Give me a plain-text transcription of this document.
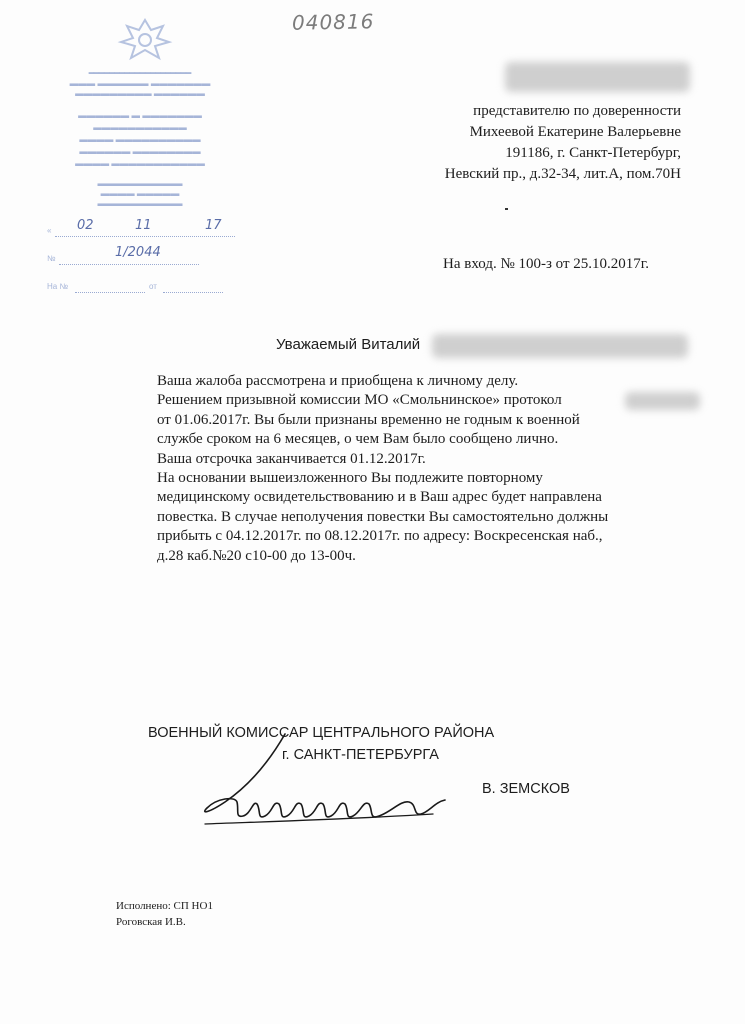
040816
━━━━━━━━━━━━━━━━━━━━
▬▬▬ ▬▬▬▬▬▬ ▬▬▬▬▬▬▬
▬▬▬▬▬▬▬▬▬ ▬▬▬▬▬▬
▬▬▬▬▬▬ ▬ ▬▬▬▬▬▬▬
▬▬▬▬▬▬▬▬▬▬▬
▬▬▬▬ ▬▬▬▬▬▬▬▬▬▬
▬▬▬▬▬▬ ▬▬▬▬▬▬▬▬
▬▬▬▬ ▬▬▬▬▬▬▬▬▬▬▬
▬▬▬▬▬▬▬▬▬▬
▬▬▬▬ ▬▬▬▬▬
▬▬▬▬▬▬▬▬▬▬
« 02	11	17
№	1/2044
На №	от
представителю по доверенности
Михеевой Екатерине Валерьевне
191186, г. Санкт-Петербург,
Невский пр., д.32-34, лит.А, пом.70Н
На вход. № 100-з от 25.10.2017г.
Уважаемый Виталий
Ваша жалоба рассмотрена и приобщена к личному делу.
Решением призывной комиссии МО «Смольнинское» протокол
от 01.06.2017г. Вы были признаны временно не годным к военной
службе сроком на 6 месяцев, о чем Вам было сообщено лично.
Ваша отсрочка заканчивается 01.12.2017г.
На основании вышеизложенного Вы подлежите повторному
медицинскому освидетельствованию и в Ваш адрес будет направлена
повестка. В случае неполучения повестки Вы самостоятельно должны
прибыть с 04.12.2017г. по 08.12.2017г. по адресу: Воскресенская наб.,
д.28 каб.№20 с10-00 до 13-00ч.
ВОЕННЫЙ КОМИССАР ЦЕНТРАЛЬНОГО РАЙОНА
г. САНКТ-ПЕТЕРБУРГА
В. ЗЕМСКОВ
Исполнено: СП НО1
Роговская И.В.
